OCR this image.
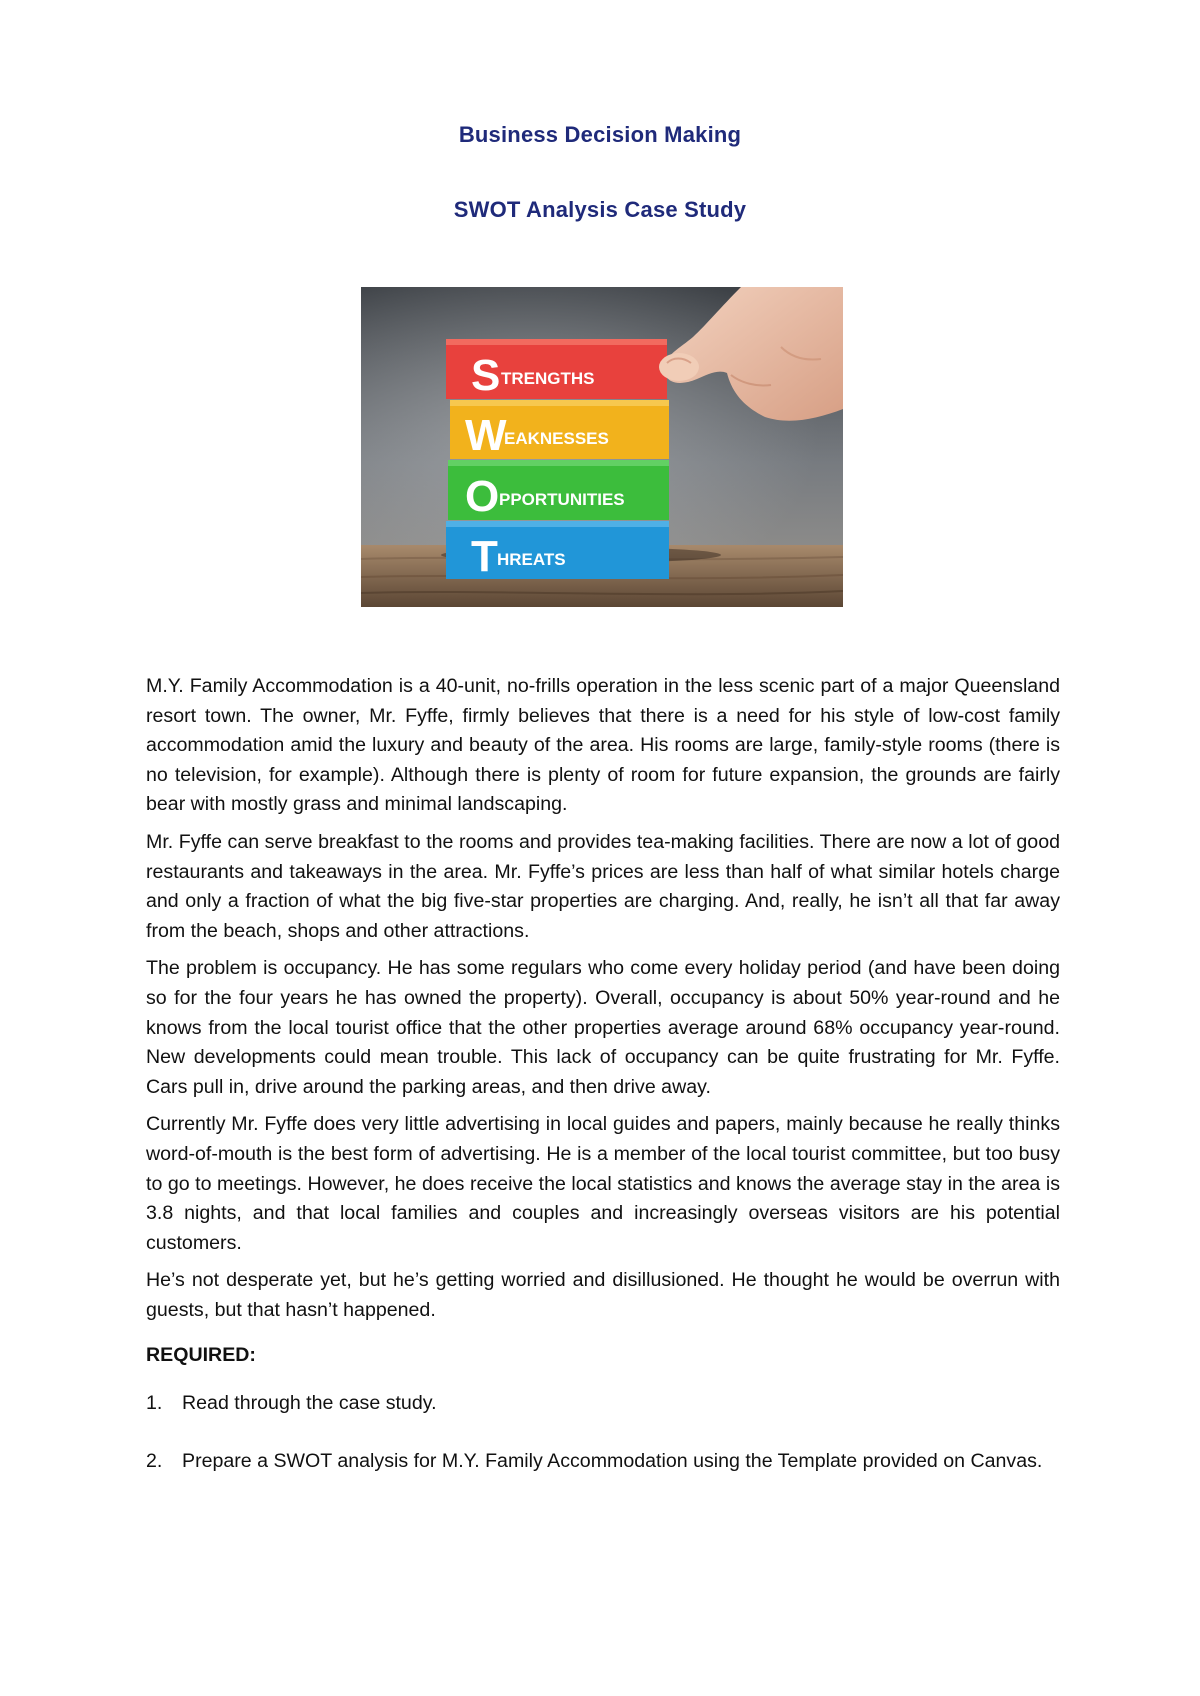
Business Decision Making
SWOT Analysis Case Study
S TRENGTHS
W
EAKNESSES
O PPORTUNITIES
T HREATS

M.Y. Family Accommodation is a 40-unit, no-frills operation in the less scenic part of a major Queensland resort town. The owner, Mr. Fyffe, firmly believes that there is a need for his style of low-cost family accommodation amid the luxury and beauty of the area. His rooms are large, family-style rooms (there is no television, for example). Although there is plenty of room for future expansion, the grounds are fairly bear with mostly grass and minimal landscaping.

Mr. Fyffe can serve breakfast to the rooms and provides tea-making facilities. There are now a lot of good restaurants and takeaways in the area. Mr. Fyffe’s prices are less than half of what similar hotels charge and only a fraction of what the big five-star properties are charging. And, really, he isn’t all that far away from the beach, shops and other attractions.

The problem is occupancy. He has some regulars who come every holiday period (and have been doing so for the four years he has owned the property). Overall, occupancy is about 50% year-round and he knows from the local tourist office that the other properties average around 68% occupancy year-round. New developments could mean trouble. This lack of occupancy can be quite frustrating for Mr. Fyffe. Cars pull in, drive around the parking areas, and then drive away.

Currently Mr. Fyffe does very little advertising in local guides and papers, mainly because he really thinks word-of-mouth is the best form of advertising. He is a member of the local tourist committee, but too busy to go to meetings. However, he does receive the local statistics and knows the average stay in the area is 3.8 nights, and that local families and couples and increasingly overseas visitors are his potential customers.

He’s not desperate yet, but he’s getting worried and disillusioned. He thought he would be overrun with guests, but that hasn’t happened.

REQUIRED:

1. Read through the case study.
2. Prepare a SWOT analysis for M.Y. Family Accommodation using the Template provided on Canvas.
